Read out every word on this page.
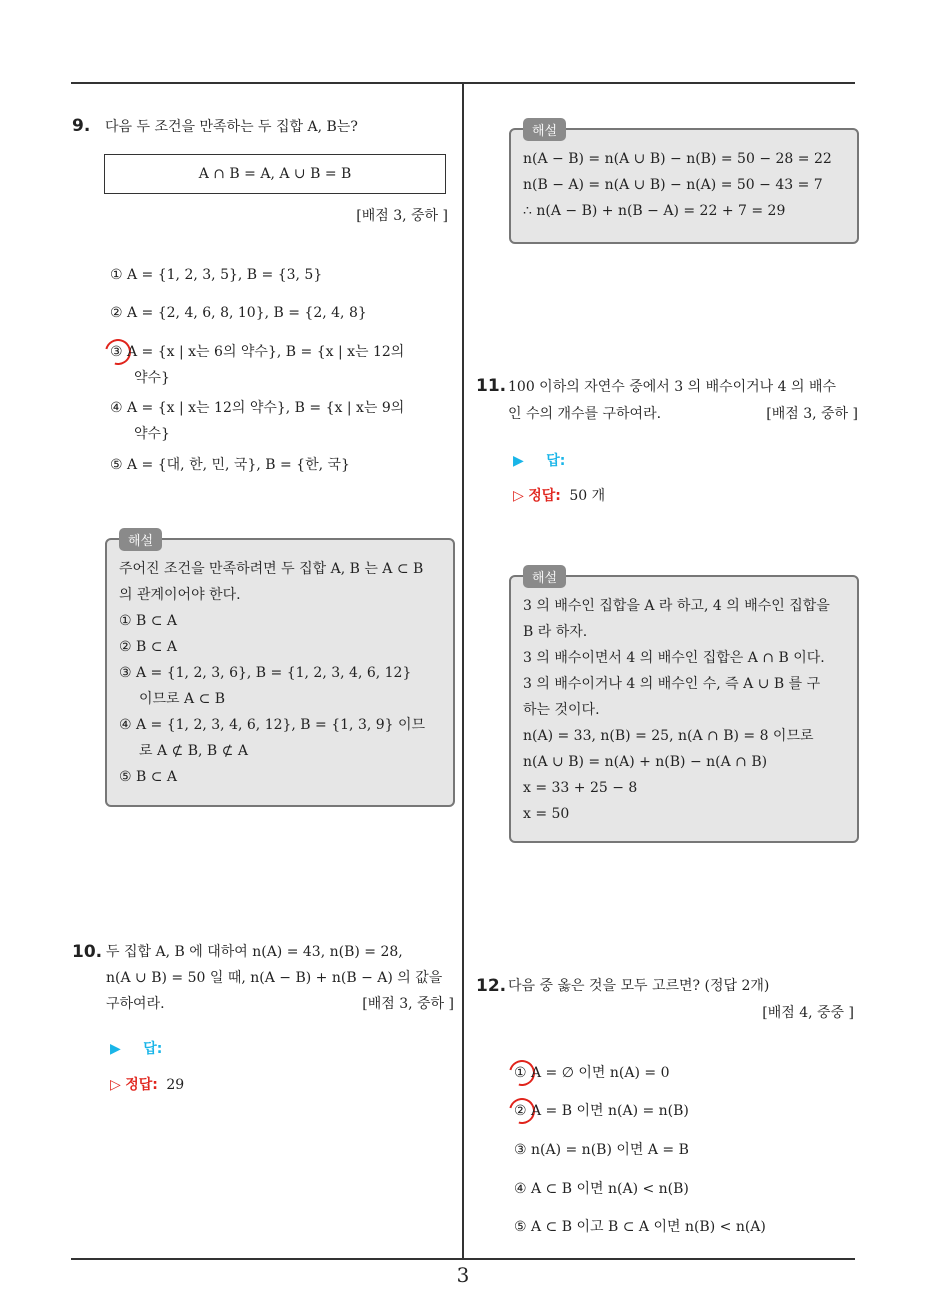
9. 다음 두 조건을 만족하는 두 집합 A, B는?
A ∩ B = A, A ∪ B = B
[배점 3, 중하 ]
① A = {1, 2, 3, 5}, B = {3, 5}
② A = {2, 4, 6, 8, 10}, B = {2, 4, 8}
③ A = {x | x는 6의 약수}, B = {x | x는 12의
약수}
④ A = {x | x는 12의 약수}, B = {x | x는 9의
약수}
⑤ A = {대, 한, 민, 국}, B = {한, 국}
해설
주어진 조건을 만족하려면 두 집합 A, B 는 A ⊂ B
의 관계이어야 한다.
① B ⊂ A
② B ⊂ A
③ A = {1, 2, 3, 6}, B = {1, 2, 3, 4, 6, 12}
이므로 A ⊂ B
④ A = {1, 2, 3, 4, 6, 12}, B = {1, 3, 9} 이므
로 A ⊄ B, B ⊄ A
⑤ B ⊂ A
10. 두 집합 A, B 에 대하여 n(A) = 43, n(B) = 28,
n(A ∪ B) = 50 일 때, n(A − B) + n(B − A) 의 값을
구하여라.	[배점 3, 중하 ]
▶ 답:
▷ 정답: 29
해설
n(A − B) = n(A ∪ B) − n(B) = 50 − 28 = 22
n(B − A) = n(A ∪ B) − n(A) = 50 − 43 = 7
∴ n(A − B) + n(B − A) = 22 + 7 = 29
11. 100 이하의 자연수 중에서 3 의 배수이거나 4 의 배수
인 수의 개수를 구하여라.	[배점 3, 중하 ]
▶ 답:
▷ 정답: 50 개
해설
3 의 배수인 집합을 A 라 하고, 4 의 배수인 집합을
B 라 하자.
3 의 배수이면서 4 의 배수인 집합은 A ∩ B 이다.
3 의 배수이거나 4 의 배수인 수, 즉 A ∪ B 를 구
하는 것이다.
n(A) = 33, n(B) = 25, n(A ∩ B) = 8 이므로
n(A ∪ B) = n(A) + n(B) − n(A ∩ B)
x = 33 + 25 − 8
x = 50
12. 다음 중 옳은 것을 모두 고르면? (정답 2개)
[배점 4, 중중 ]
① A = ∅ 이면 n(A) = 0
② A = B 이면 n(A) = n(B)
③ n(A) = n(B) 이면 A = B
④ A ⊂ B 이면 n(A) < n(B)
⑤ A ⊂ B 이고 B ⊂ A 이면 n(B) < n(A)
3
